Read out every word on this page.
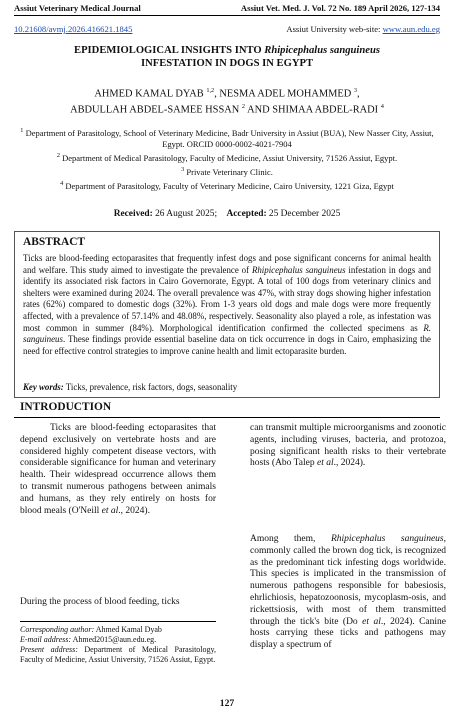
Assiut Veterinary Medical Journal	Assiut Vet. Med. J. Vol. 72 No. 189 April 2026, 127-134
10.21608/avmj.2026.416621.1845	Assiut University web-site: www.aun.edu.eg
EPIDEMIOLOGICAL INSIGHTS INTO Rhipicephalus sanguineus
INFESTATION IN DOGS IN EGYPT
AHMED KAMAL DYAB $^{1,2}$, NESMA ADEL MOHAMMED $^3$,
ABDULLAH ABDEL-SAMEE HSSAN $^2$ AND SHIMAA ABDEL-RADI $^4$
$^1$ Department of Parasitology, School of Veterinary Medicine, Badr University in Assiut (BUA), New Nasser City, Assiut, Egypt. ORCID 0000-0002-4021-7904
$^2$ Department of Medical Parasitology, Faculty of Medicine, Assiut University, 71526 Assiut, Egypt.
$^3$ Private Veterinary Clinic.
$^4$ Department of Parasitology, Faculty of Veterinary Medicine, Cairo University, 1221 Giza, Egypt
Received: 26 August 2025; Accepted: 25 December 2025
ABSTRACT
Ticks are blood-feeding ectoparasites that frequently infest dogs and pose significant concerns for animal health and welfare. This study aimed to investigate the prevalence of Rhipicephalus sanguineus infestation in dogs and identify its associated risk factors in Cairo Governorate, Egypt. A total of 100 dogs from veterinary clinics and shelters were examined during 2024. The overall prevalence was 47%, with stray dogs showing higher infestation rates (62%) compared to domestic dogs (32%). From 1-3 years old dogs and male dogs were more frequently affected, with a prevalence of 57.14% and 48.08%, respectively. Seasonality also played a role, as infestation was most common in summer (84%). Morphological identification confirmed the collected specimens as R. sanguineus. These findings provide essential baseline data on tick occurrence in dogs in Cairo, emphasizing the need for effective control strategies to improve canine health and limit ectoparasite burden.
Key words: Ticks, prevalence, risk factors, dogs, seasonality
INTRODUCTION
Ticks are blood-feeding ectoparasites that depend exclusively on vertebrate hosts and are considered highly competent disease vectors, with considerable significance for human and veterinary health. Their widespread occurrence allows them to transmit numerous pathogens between animals and humans, as they rely entirely on hosts for blood meals (O'Neill et al., 2024).
During the process of blood feeding, ticks
can transmit multiple microorganisms and zoonotic agents, including viruses, bacteria, and protozoa, posing significant health risks to their vertebrate hosts (Abo Talep et al., 2024).
Among them, Rhipicephalus sanguineus, commonly called the brown dog tick, is recognized as the predominant tick infesting dogs worldwide. This species is implicated in the transmission of numerous pathogens responsible for babesiosis, ehrlichiosis, hepatozoonosis, mycoplasm-osis, and rickettsiosis, with most of them transmitted through the tick's bite (Do et al., 2024). Canine hosts carrying these ticks and pathogens may display a spectrum of
Corresponding author: Ahmed Kamal Dyab
E-mail address: Ahmed2015@aun.edu.eg.
Present address: Department of Medical Parasitology, Faculty of Medicine, Assiut University, 71526 Assiut, Egypt.
127
